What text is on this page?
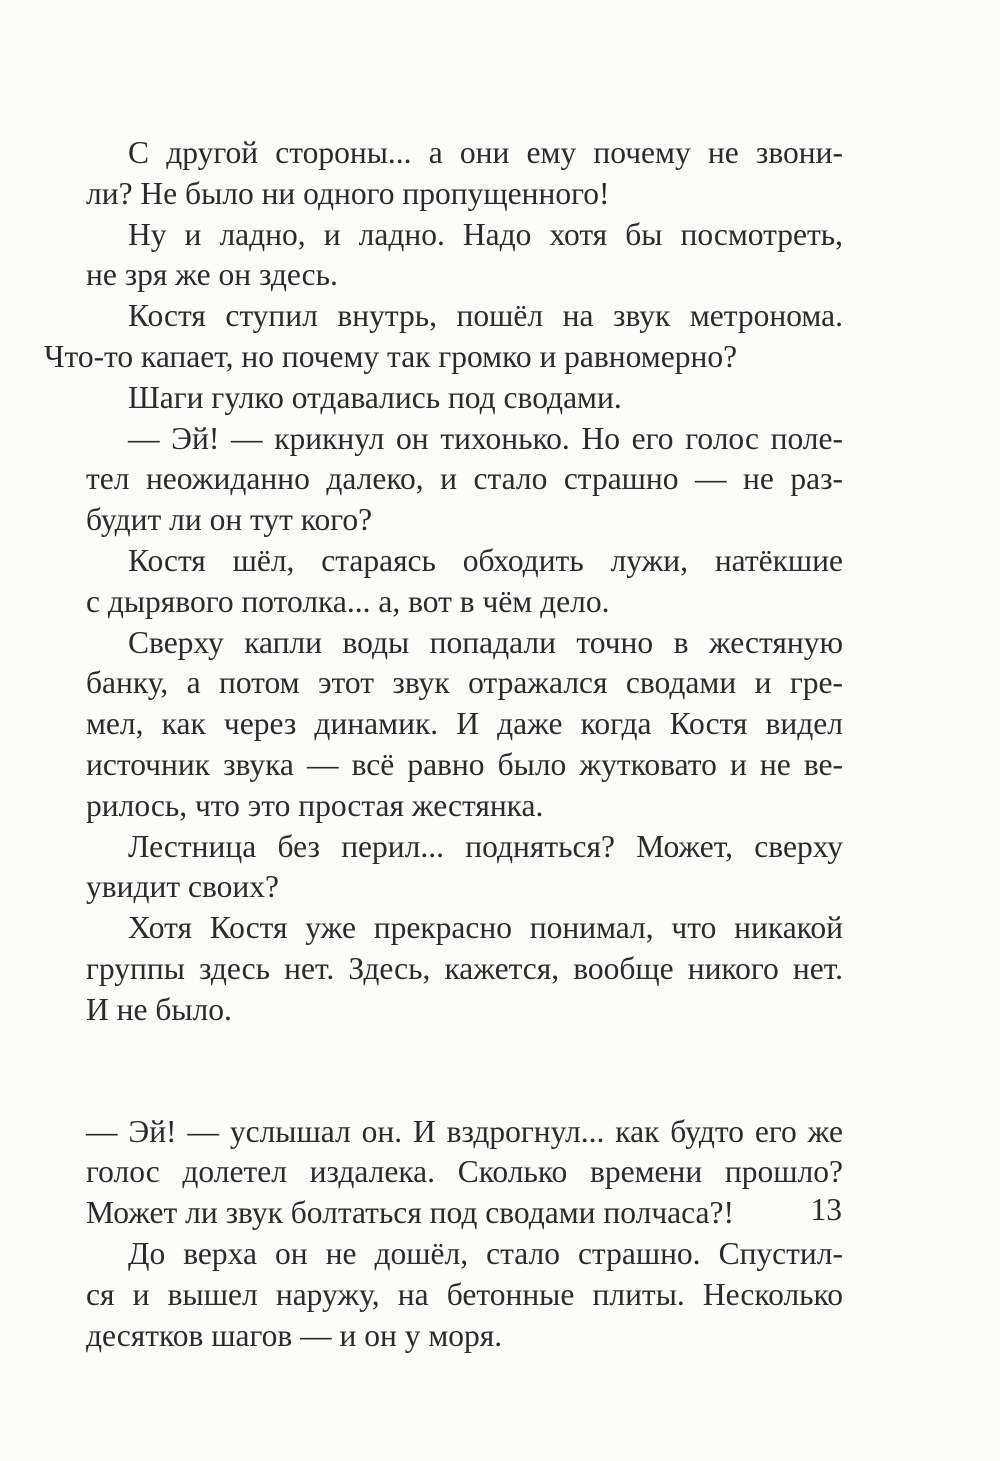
С другой стороны... а они ему почему не звони-
ли? Не было ни одного пропущенного!

Ну и ладно, и ладно. Надо хотя бы посмотреть,
не зря же он здесь.

Костя ступил внутрь, пошёл на звук метронома.
Что-то капает, но почему так громко и равномерно?

Шаги гулко отдавались под сводами.

— Эй! — крикнул он тихонько. Но его голос поле-
тел неожиданно далеко, и стало страшно — не раз-
будит ли он тут кого?

Костя шёл, стараясь обходить лужи, натёкшие
с дырявого потолка... а, вот в чём дело.

Сверху капли воды попадали точно в жестяную
банку, а потом этот звук отражался сводами и гре-
мел, как через динамик. И даже когда Костя видел
источник звука — всё равно было жутковато и не ве-
рилось, что это простая жестянка.

Лестница без перил... подняться? Может, сверху
увидит своих?

Хотя Костя уже прекрасно понимал, что никакой
группы здесь нет. Здесь, кажется, вообще никого нет.
И не было.

— Эй! — услышал он. И вздрогнул... как будто его же
голос долетел издалека. Сколько времени прошло?
Может ли звук болтаться под сводами полчаса?!

До верха он не дошёл, стало страшно. Спустил-
ся и вышел наружу, на бетонные плиты. Несколько
десятков шагов — и он у моря.

13
